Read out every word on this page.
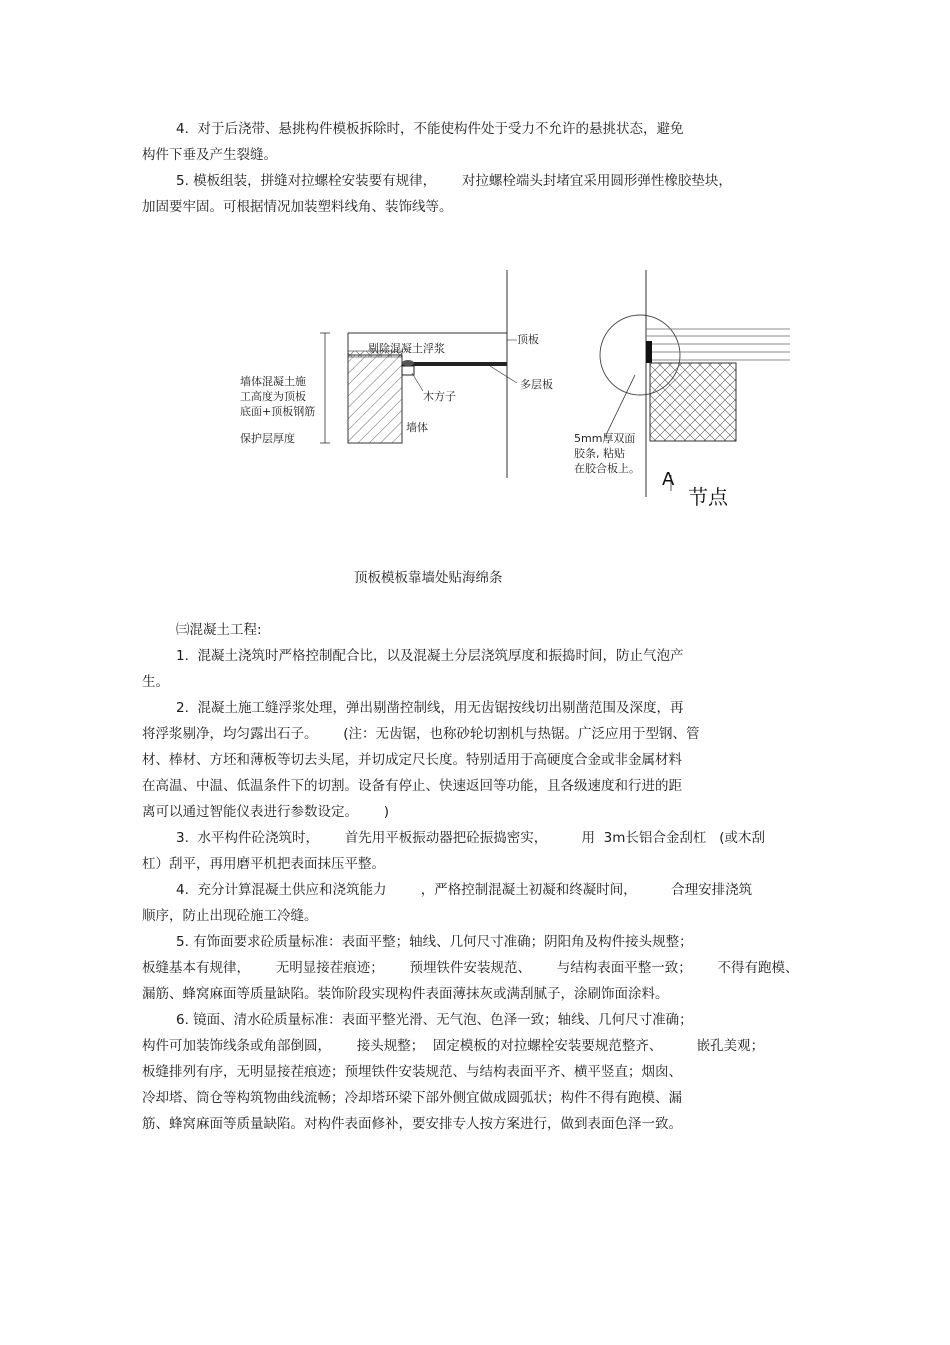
4.  对于后浇带、悬挑构件模板拆除时，不能使构件处于受力不允许的悬挑状态，避免
构件下垂及产生裂缝。
5. 模板组装，拼缝对拉螺栓安装要有规律，      对拉螺栓端头封堵宜采用圆形弹性橡胶垫块，
加固要牢固。可根据情况加装塑料线角、装饰线等。
剔除混凝土浮浆
顶板
多层板
木方子
墙体
墙体混凝土施
工高度为顶板
底面+顶板钢筋
保护层厚度	5mm厚双面
胶条, 粘贴
在胶合板上。
A
节点
顶板模板靠墙处贴海绵条
㈢混凝土工程:
1.  混凝土浇筑时严格控制配合比，以及混凝土分层浇筑厚度和振捣时间，防止气泡产
生。
2.  混凝土施工缝浮浆处理，弹出剔凿控制线，用无齿锯按线切出剔凿范围及深度，再
将浮浆剔净，均匀露出石子。      (注：无齿锯，也称砂轮切割机与热锯。广泛应用于型钢、管
材、棒材、方坯和薄板等切去头尾，并切成定尺长度。特别适用于高硬度合金或非金属材料
在高温、中温、低温条件下的切割。设备有停止、快速返回等功能，且各级速度和行进的距
离可以通过智能仪表进行参数设定。      )
3.  水平构件砼浇筑时，      首先用平板振动器把砼振捣密实，        用  3m长铝合金刮杠   (或木刮
杠）刮平，再用磨平机把表面抹压平整。
4.  充分计算混凝土供应和浇筑能力        ，严格控制混凝土初凝和终凝时间，        合理安排浇筑
顺序，防止出现砼施工冷缝。
5. 有饰面要求砼质量标准：表面平整；轴线、几何尺寸准确；阴阳角及构件接头规整；
板缝基本有规律，      无明显接茬痕迹；      预埋铁件安装规范、      与结构表面平整一致；      不得有跑模、
漏筋、蜂窝麻面等质量缺陷。装饰阶段实现构件表面薄抹灰或满刮腻子，涂刷饰面涂料。
6. 镜面、清水砼质量标准：表面平整光滑、无气泡、色泽一致；轴线、几何尺寸准确；
构件可加装饰线条或角部倒圆，      接头规整；  固定模板的对拉螺栓安装要规范整齐、        嵌孔美观；
板缝排列有序，无明显接茬痕迹；预埋铁件安装规范、与结构表面平齐、横平竖直；烟囱、
冷却塔、筒仓等构筑物曲线流畅；冷却塔环梁下部外侧宜做成圆弧状；构件不得有跑模、漏
筋、蜂窝麻面等质量缺陷。对构件表面修补，要安排专人按方案进行，做到表面色泽一致。
